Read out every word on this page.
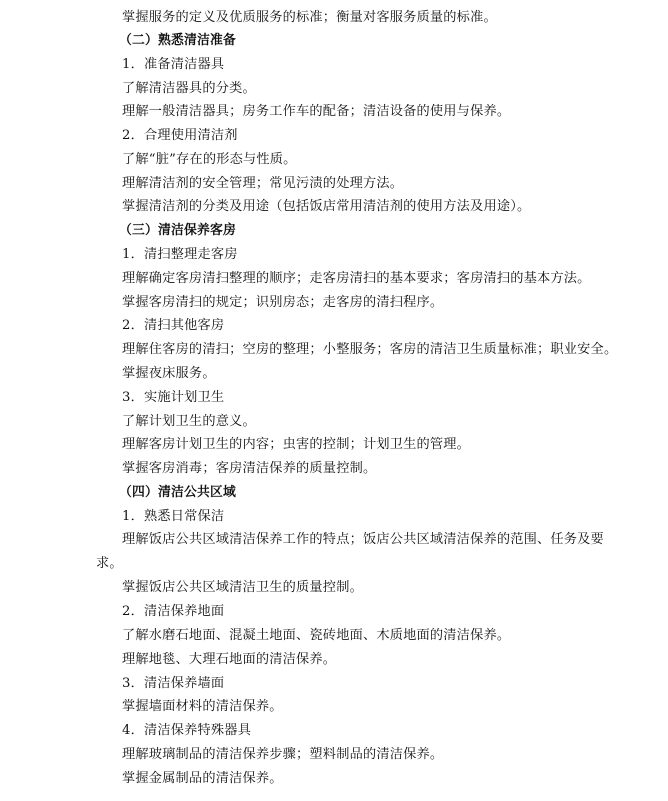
掌握服务的定义及优质服务的标准；衡量对客服务质量的标准。
（二）熟悉清洁准备
1．准备清洁器具
了解清洁器具的分类。
理解一般清洁器具；房务工作车的配备；清洁设备的使用与保养。
2．合理使用清洁剂
了解“脏”存在的形态与性质。
理解清洁剂的安全管理；常见污渍的处理方法。
掌握清洁剂的分类及用途（包括饭店常用清洁剂的使用方法及用途）。
（三）清洁保养客房
1．清扫整理走客房
理解确定客房清扫整理的顺序；走客房清扫的基本要求；客房清扫的基本方法。
掌握客房清扫的规定；识别房态；走客房的清扫程序。
2．清扫其他客房
理解住客房的清扫；空房的整理；小整服务；客房的清洁卫生质量标准；职业安全。
掌握夜床服务。
3．实施计划卫生
了解计划卫生的意义。
理解客房计划卫生的内容；虫害的控制；计划卫生的管理。
掌握客房消毒；客房清洁保养的质量控制。
（四）清洁公共区域
1．熟悉日常保洁
理解饭店公共区域清洁保养工作的特点；饭店公共区域清洁保养的范围、任务及要
求。
掌握饭店公共区域清洁卫生的质量控制。
2．清洁保养地面
了解水磨石地面、混凝土地面、瓷砖地面、木质地面的清洁保养。
理解地毯、大理石地面的清洁保养。
3．清洁保养墙面
掌握墙面材料的清洁保养。
4．清洁保养特殊器具
理解玻璃制品的清洁保养步骤；塑料制品的清洁保养。
掌握金属制品的清洁保养。
